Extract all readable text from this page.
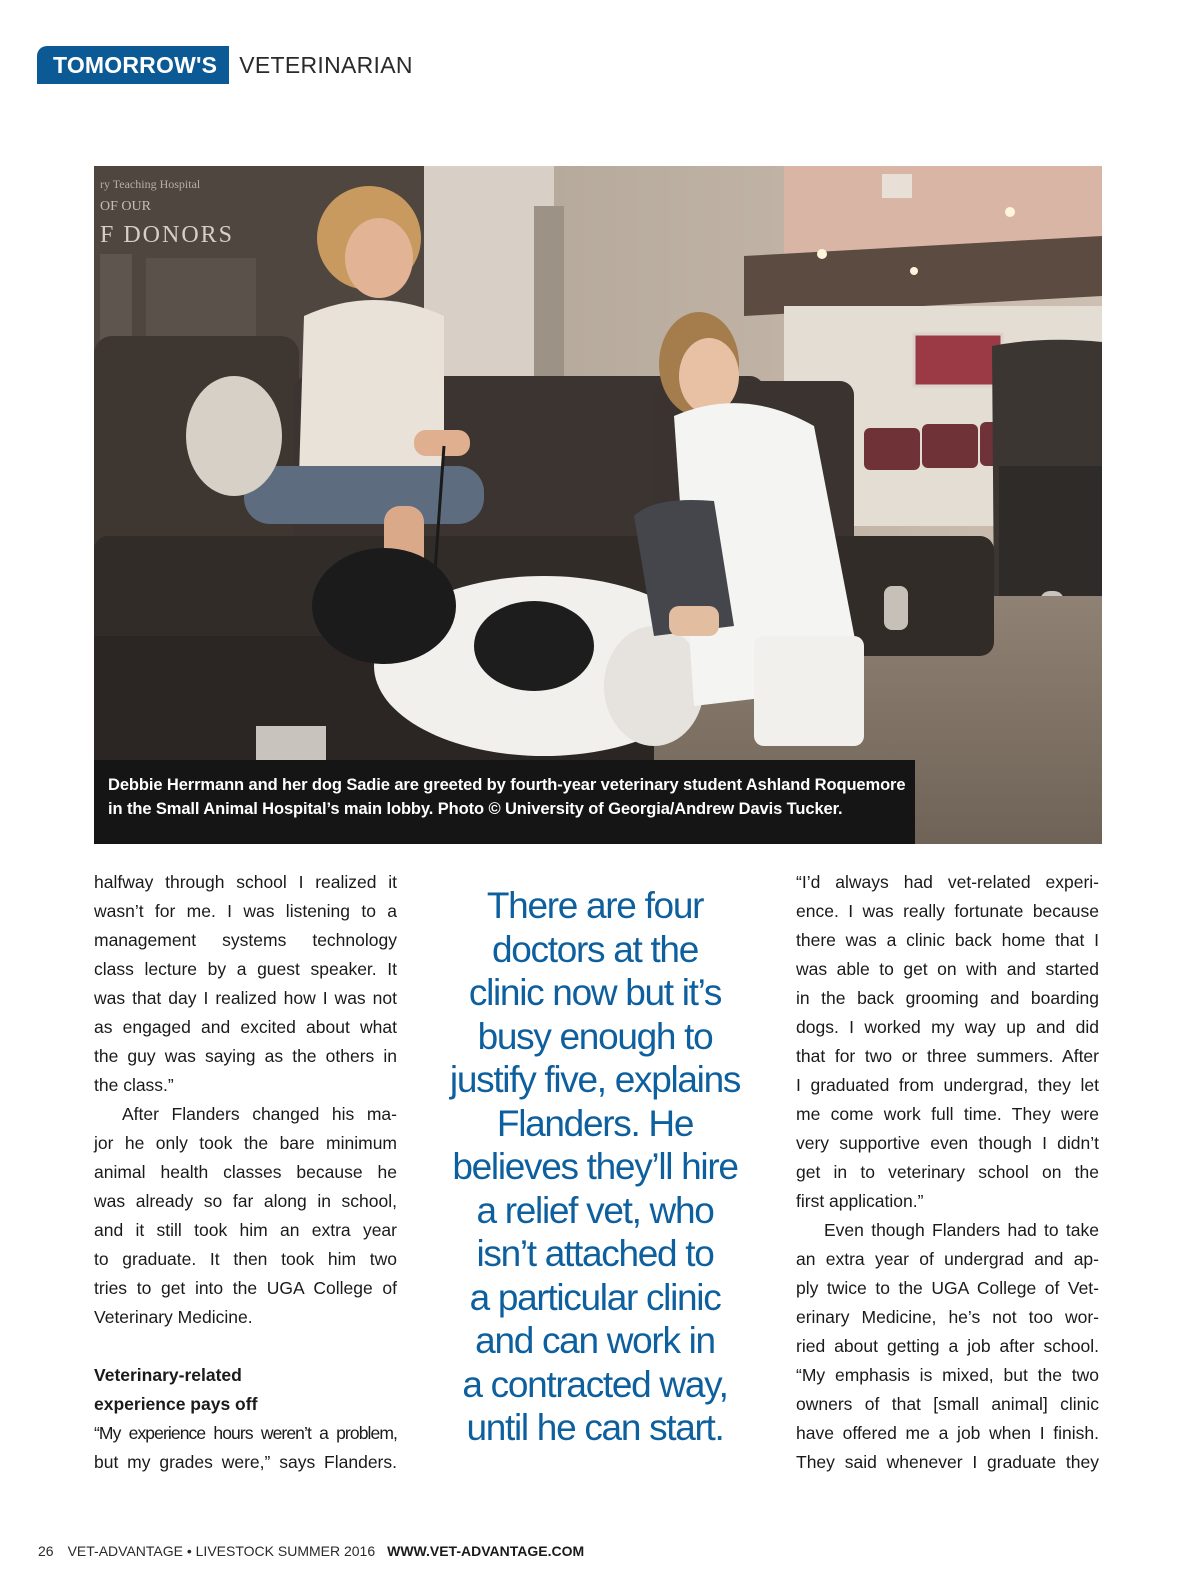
TOMORROW'S VETERINARIAN
ry Teaching Hospital
OF OUR
F DONORS
Debbie Herrmann and her dog Sadie are greeted by fourth-year veterinary student Ashland Roquemore
in the Small Animal Hospital’s main lobby. Photo © University of Georgia/Andrew Davis Tucker.
halfway through school I realized it
wasn’t for me. I was listening to a
management systems technology
class lecture by a guest speaker. It
was that day I realized how I was not
as engaged and excited about what
the guy was saying as the others in
the class.”
After Flanders changed his ma-
jor he only took the bare minimum
animal health classes because he
was already so far along in school,
and it still took him an extra year
to graduate. It then took him two
tries to get into the UGA College of
Veterinary Medicine.
Veterinary-related
experience pays off
“My experience hours weren’t a problem,
but my grades were,” says Flanders.
There are four
doctors at the
clinic now but it’s
busy enough to
justify five, explains
Flanders. He
believes they’ll hire
a relief vet, who
isn’t attached to
a particular clinic
and can work in
a contracted way,
until he can start.
“I’d always had vet-related experi-
ence. I was really fortunate because
there was a clinic back home that I
was able to get on with and started
in the back grooming and boarding
dogs. I worked my way up and did
that for two or three summers. After
I graduated from undergrad, they let
me come work full time. They were
very supportive even though I didn’t
get in to veterinary school on the
first application.”
Even though Flanders had to take
an extra year of undergrad and ap-
ply twice to the UGA College of Vet-
erinary Medicine, he’s not too wor-
ried about getting a job after school.
“My emphasis is mixed, but the two
owners of that [small animal] clinic
have offered me a job when I finish.
They said whenever I graduate they
26 VET-ADVANTAGE • LIVESTOCK SUMMER 2016 WWW.VET-ADVANTAGE.COM
